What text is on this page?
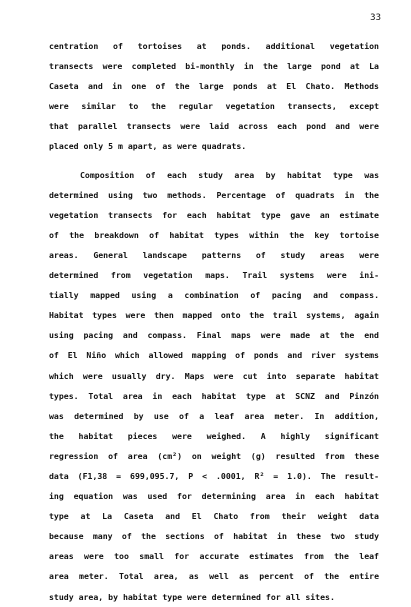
33
centration of tortoises at ponds. additional vegetation
transects were completed bi-monthly in the large pond at La
Caseta and in one of the large ponds at El Chato. Methods
were similar to the regular vegetation transects, except
that parallel transects were laid across each pond and were
placed only 5 m apart, as were quadrats.
Composition of each study area by habitat type was
determined using two methods. Percentage of quadrats in the
vegetation transects for each habitat type gave an estimate
of the breakdown of habitat types within the key tortoise
areas. General landscape patterns of study areas were
determined from vegetation maps. Trail systems were ini-
tially mapped using a combination of pacing and compass.
Habitat types were then mapped onto the trail systems, again
using pacing and compass. Final maps were made at the end
of El Niño which allowed mapping of ponds and river systems
which were usually dry. Maps were cut into separate habitat
types. Total area in each habitat type at SCNZ and Pinzón
was determined by use of a leaf area meter. In addition,
the habitat pieces were weighed. A highly significant
regression of area (cm²) on weight (g) resulted from these
data (F1,38 = 699,095.7, P < .0001, R² = 1.0). The result-
ing equation was used for determining area in each habitat
type at La Caseta and El Chato from their weight data
because many of the sections of habitat in these two study
areas were too small for accurate estimates from the leaf
area meter. Total area, as well as percent of the entire
study area, by habitat type were determined for all sites.
